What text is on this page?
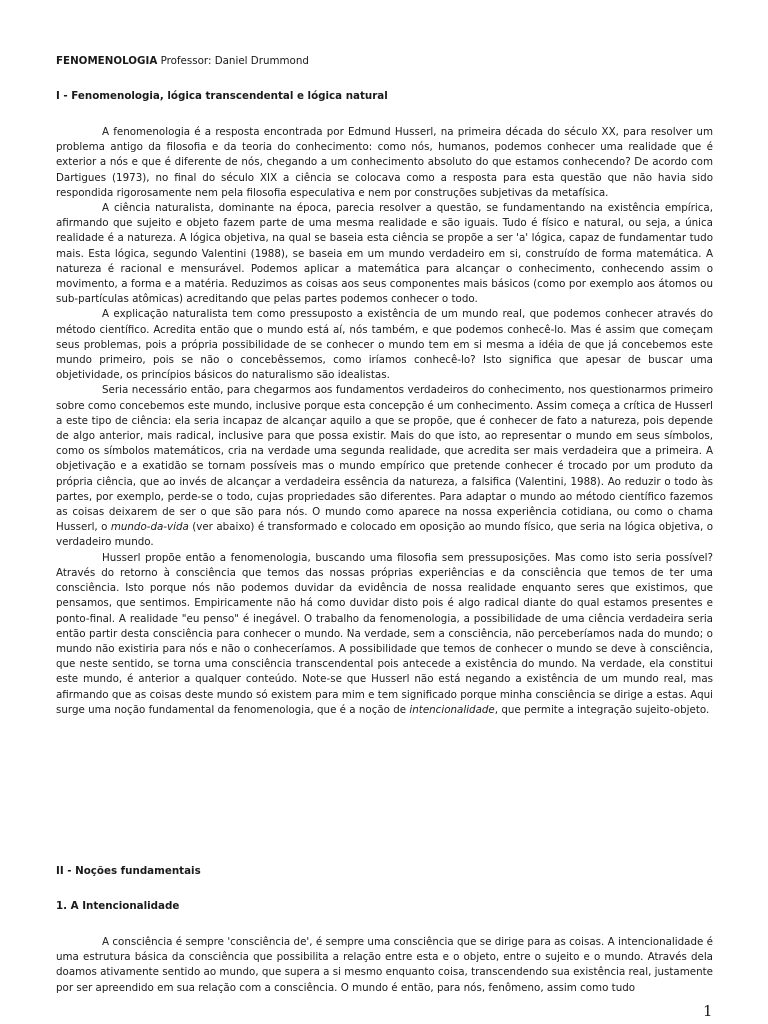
FENOMENOLOGIA Professor: Daniel Drummond
I - Fenomenologia, lógica transcendental e lógica natural

A fenomenologia é a resposta encontrada por Edmund Husserl, na primeira década do século XX, para resolver um problema antigo da filosofia e da teoria do conhecimento: como nós, humanos, podemos conhecer uma realidade que é exterior a nós e que é diferente de nós, chegando a um conhecimento absoluto do que estamos conhecendo? De acordo com Dartigues (1973), no final do século XIX a ciência se colocava como a resposta para esta questão que não havia sido respondida rigorosamente nem pela filosofia especulativa e nem por construções subjetivas da metafísica.

A ciência naturalista, dominante na época, parecia resolver a questão, se fundamentando na existência empírica, afirmando que sujeito e objeto fazem parte de uma mesma realidade e são iguais. Tudo é físico e natural, ou seja, a única realidade é a natureza. A lógica objetiva, na qual se baseia esta ciência se propõe a ser 'a' lógica, capaz de fundamentar tudo mais. Esta lógica, segundo Valentini (1988), se baseia em um mundo verdadeiro em si, construído de forma matemática. A natureza é racional e mensurável. Podemos aplicar a matemática para alcançar o conhecimento, conhecendo assim o movimento, a forma e a matéria. Reduzimos as coisas aos seus componentes mais básicos (como por exemplo aos átomos ou sub-partículas atômicas) acreditando que pelas partes podemos conhecer o todo.

A explicação naturalista tem como pressuposto a existência de um mundo real, que podemos conhecer através do método científico. Acredita então que o mundo está aí, nós também, e que podemos conhecê-lo. Mas é assim que começam seus problemas, pois a própria possibilidade de se conhecer o mundo tem em si mesma a idéia de que já concebemos este mundo primeiro, pois se não o concebêssemos, como iríamos conhecê-lo? Isto significa que apesar de buscar uma objetividade, os princípios básicos do naturalismo são idealistas.

Seria necessário então, para chegarmos aos fundamentos verdadeiros do conhecimento, nos questionarmos primeiro sobre como concebemos este mundo, inclusive porque esta concepção é um conhecimento. Assim começa a crítica de Husserl a este tipo de ciência: ela seria incapaz de alcançar aquilo a que se propõe, que é conhecer de fato a natureza, pois depende de algo anterior, mais radical, inclusive para que possa existir. Mais do que isto, ao representar o mundo em seus símbolos, como os símbolos matemáticos, cria na verdade uma segunda realidade, que acredita ser mais verdadeira que a primeira. A objetivação e a exatidão se tornam possíveis mas o mundo empírico que pretende conhecer é trocado por um produto da própria ciência, que ao invés de alcançar a verdadeira essência da natureza, a falsifica (Valentini, 1988). Ao reduzir o todo às partes, por exemplo, perde-se o todo, cujas propriedades são diferentes. Para adaptar o mundo ao método científico fazemos as coisas deixarem de ser o que são para nós. O mundo como aparece na nossa experiência cotidiana, ou como o chama Husserl, o mundo-da-vida (ver abaixo) é transformado e colocado em oposição ao mundo físico, que seria na lógica objetiva, o verdadeiro mundo.

Husserl propõe então a fenomenologia, buscando uma filosofia sem pressuposições. Mas como isto seria possível? Através do retorno à consciência que temos das nossas próprias experiências e da consciência que temos de ter uma consciência. Isto porque nós não podemos duvidar da evidência de nossa realidade enquanto seres que existimos, que pensamos, que sentimos. Empiricamente não há como duvidar disto pois é algo radical diante do qual estamos presentes e ponto-final. A realidade "eu penso" é inegável. O trabalho da fenomenologia, a possibilidade de uma ciência verdadeira seria então partir desta consciência para conhecer o mundo. Na verdade, sem a consciência, não perceberíamos nada do mundo; o mundo não existiria para nós e não o conheceríamos. A possibilidade que temos de conhecer o mundo se deve à consciência, que neste sentido, se torna uma consciência transcendental pois antecede a existência do mundo. Na verdade, ela constitui este mundo, é anterior a qualquer conteúdo. Note-se que Husserl não está negando a existência de um mundo real, mas afirmando que as coisas deste mundo só existem para mim e tem significado porque minha consciência se dirige a estas. Aqui surge uma noção fundamental da fenomenologia, que é a noção de intencionalidade, que permite a integração sujeito-objeto.

II - Noções fundamentais
1. A Intencionalidade

A consciência é sempre 'consciência de', é sempre uma consciência que se dirige para as coisas. A intencionalidade é uma estrutura básica da consciência que possibilita a relação entre esta e o objeto, entre o sujeito e o mundo. Através dela doamos ativamente sentido ao mundo, que supera a si mesmo enquanto coisa, transcendendo sua existência real, justamente por ser apreendido em sua relação com a consciência. O mundo é então, para nós, fenômeno, assim como tudo

1
